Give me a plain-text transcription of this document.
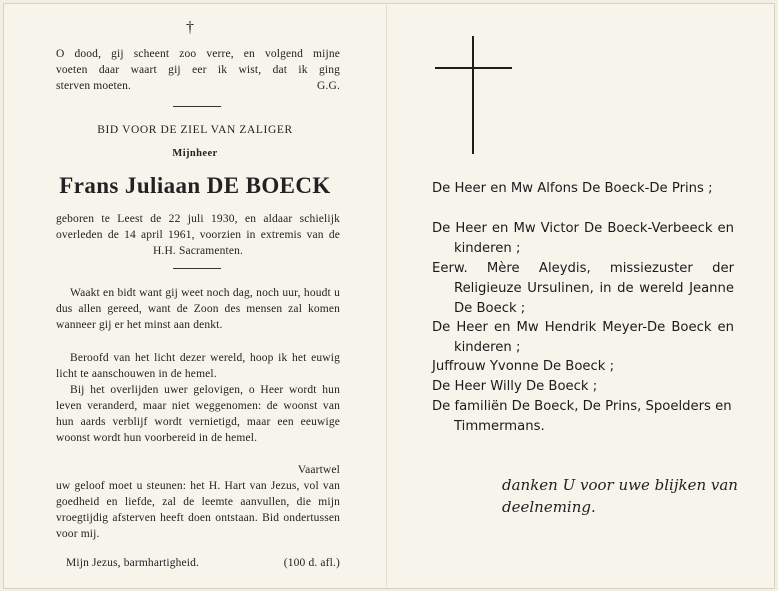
†
O dood, gij scheent zoo verre, en volgend mijne
voeten daar waart gij eer ik wist, dat ik ging
sterven moeten.	G.G.
BID VOOR DE ZIEL VAN ZALIGER
Mijnheer
Frans Juliaan DE BOECK
geboren te Leest de 22 juli 1930, en aldaar schielijk overleden de 14 april 1961, voorzien in extremis van de H.H. Sacramenten.
Waakt en bidt want gij weet noch dag, noch uur, houdt u dus allen gereed, want de Zoon des mensen zal komen wanneer gij er het minst aan denkt.
Beroofd van het licht dezer wereld, hoop ik het euwig licht te aanschouwen in de hemel.
Bij het overlijden uwer gelovigen, o Heer wordt hun leven veranderd, maar niet weggenomen: de woonst van hun aards verblijf wordt vernietigd, maar een eeuwige woonst wordt hun voorbereid in de hemel.
Vaartwel
uw geloof moet u steunen: het H. Hart van Jezus, vol van goedheid en liefde, zal de leemte aanvullen, die mijn vroegtijdig afsterven heeft doen ontstaan. Bid ondertussen voor mij.
Mijn Jezus, barmhartigheid.	(100 d. afl.)
De Heer en Mw Alfons De Boeck-De Prins ;
De Heer en Mw Victor De Boeck-Verbeeck en kinderen ;
Eerw. Mère Aleydis, missiezuster der Religieuze Ursulinen, in de wereld Jeanne De Boeck ;
De Heer en Mw Hendrik Meyer-De Boeck en kinderen ;
Juffrouw Yvonne De Boeck ;
De Heer Willy De Boeck ;
De familiën De Boeck, De Prins, Spoelders en Timmermans.
danken U voor uwe blijken van deelneming.
